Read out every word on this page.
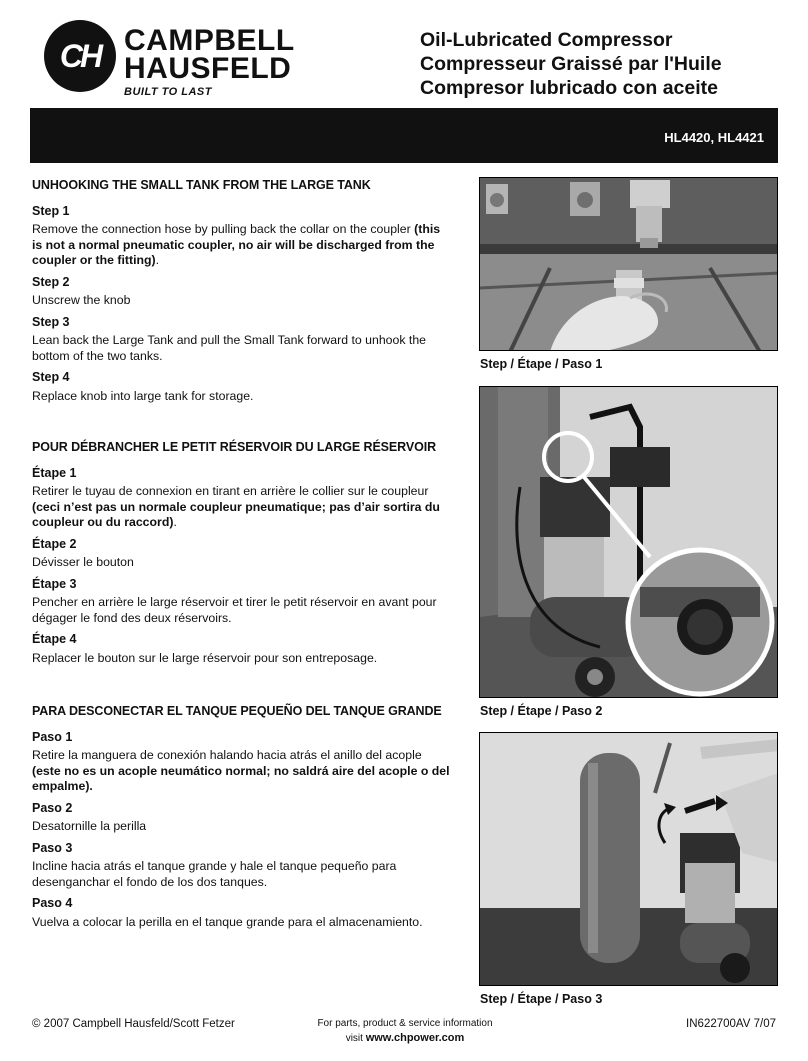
CH CAMPBELL
HAUSFELD
BUILT TO LAST
Oil-Lubricated Compressor
Compresseur Graissé par l'Huile
Compresor lubricado con aceite
HL4420, HL4421
UNHOOKING THE SMALL TANK FROM THE LARGE TANK
Step 1
Remove the connection hose by pulling back the collar on the coupler (this is not a normal pneumatic coupler, no air will be discharged from the coupler or the fitting).
Step 2
Unscrew the knob
Step 3
Lean back the Large Tank and pull the Small Tank forward to unhook the bottom of the two tanks.
Step 4
Replace knob into large tank for storage.
POUR DÉBRANCHER LE PETIT RÉSERVOIR DU LARGE RÉSERVOIR
Étape 1
Retirer le tuyau de connexion en tirant en arrière le collier sur le coupleur (ceci n’est pas un normale coupleur pneumatique; pas d’air sortira du coupleur ou du raccord).
Étape 2
Dévisser le bouton
Étape 3
Pencher en arrière le large réservoir et tirer le petit réservoir en avant pour dégager le fond des deux réservoirs.
Étape 4
Replacer le bouton sur le large réservoir pour son entreposage.
PARA DESCONECTAR EL TANQUE PEQUEÑO DEL TANQUE GRANDE
Paso 1
Retire la manguera de conexión halando hacia atrás el anillo del acople (este no es un acople neumático normal; no saldrá aire del acople o del empalme).
Paso 2
Desatornille la perilla
Paso 3
Incline hacia atrás el tanque grande y hale el tanque pequeño para desenganchar el fondo de los dos tanques.
Paso 4
Vuelva a colocar la perilla en el tanque grande para el almacenamiento.
Step / Étape / Paso 1
Step / Étape / Paso 2
Step / Étape / Paso 3
© 2007 Campbell Hausfeld/Scott Fetzer	For parts, product & service information
visit www.chpower.com
IN622700AV 7/07
